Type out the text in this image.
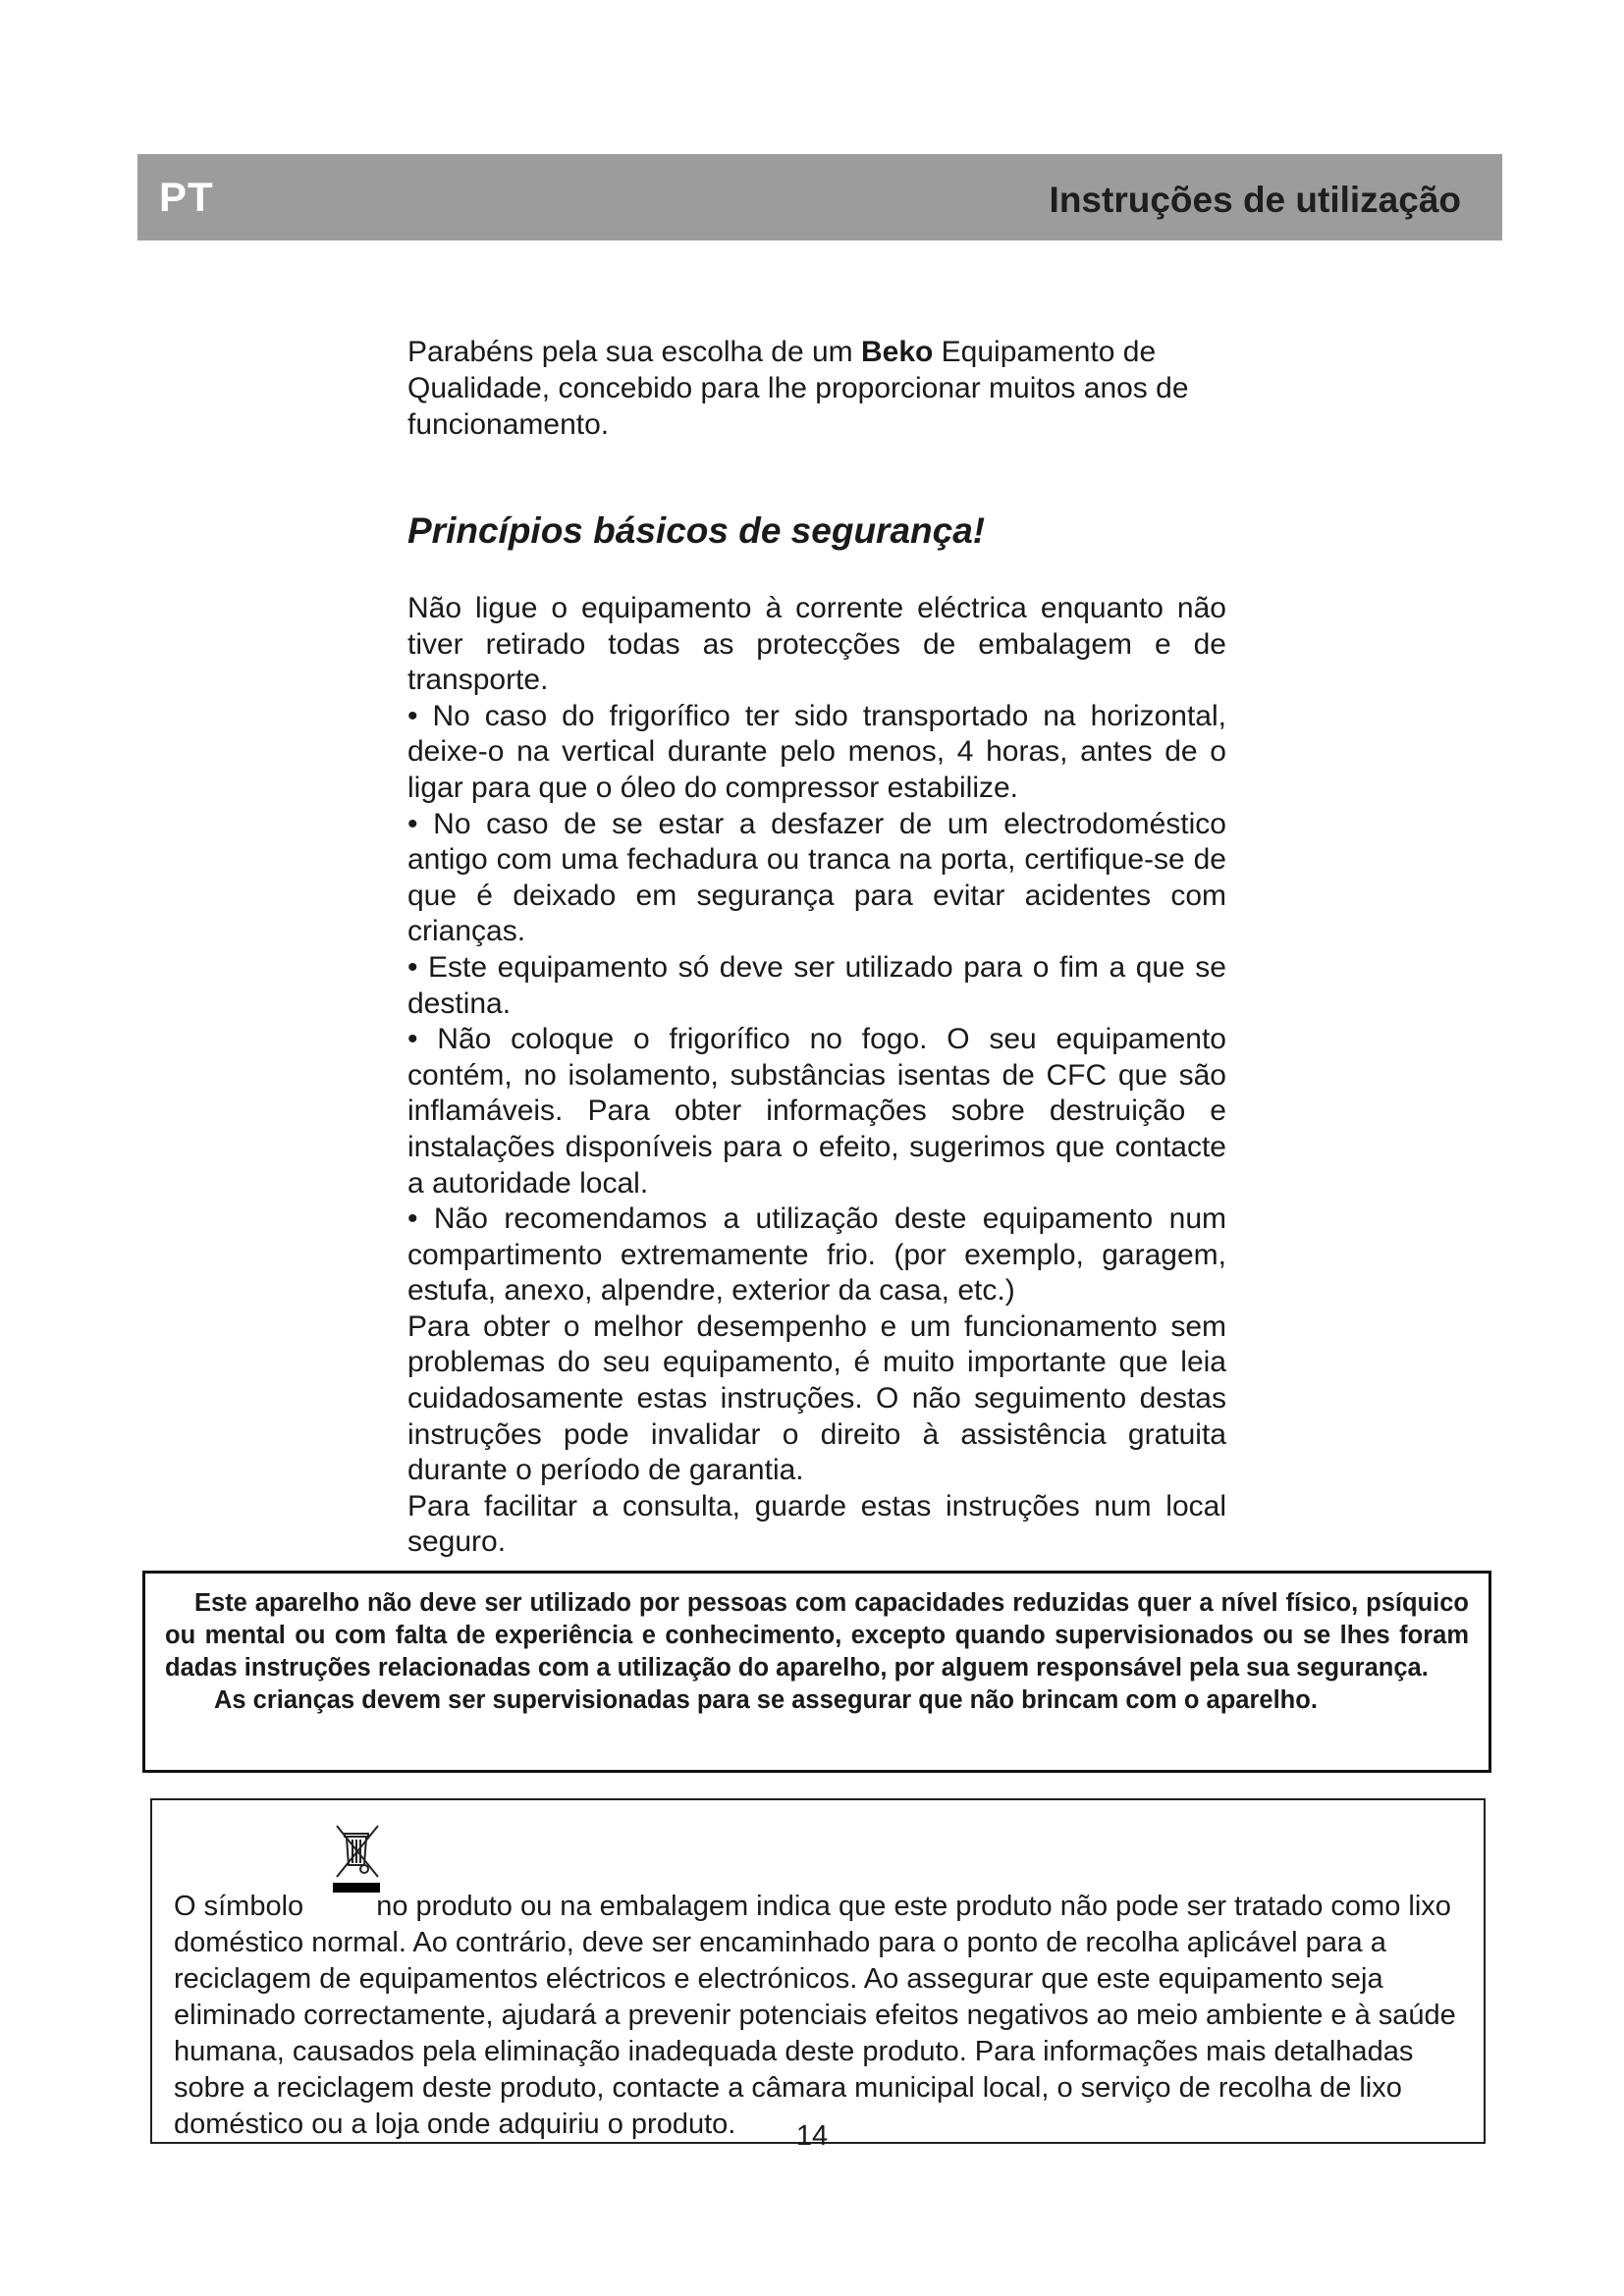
PT	Instruções de utilização

Parabéns pela sua escolha de um Beko Equipamento de Qualidade, concebido para lhe proporcionar muitos anos de funcionamento.

Princípios básicos de segurança!

Não ligue o equipamento à corrente eléctrica enquanto não tiver retirado todas as protecções de embalagem e de transporte.

• No caso do frigorífico ter sido transportado na horizontal, deixe-o na vertical durante pelo menos, 4 horas, antes de o ligar para que o óleo do compressor estabilize.

• No caso de se estar a desfazer de um electrodoméstico antigo com uma fechadura ou tranca na porta, certifique-se de que é deixado em segurança para evitar acidentes com crianças.

• Este equipamento só deve ser utilizado para o fim a que se destina.

• Não coloque o frigorífico no fogo. O seu equipamento contém, no isolamento, substâncias isentas de CFC que são inflamáveis. Para obter informações sobre destruição e instalações disponíveis para o efeito, sugerimos que contacte a autoridade local.

• Não recomendamos a utilização deste equipamento num compartimento extremamente frio. (por exemplo, garagem, estufa, anexo, alpendre, exterior da casa, etc.)

Para obter o melhor desempenho e um funcionamento sem problemas do seu equipamento, é muito importante que leia cuidadosamente estas instruções. O não seguimento destas instruções pode invalidar o direito à assistência gratuita durante o período de garantia.

Para facilitar a consulta, guarde estas instruções num local seguro.

Este aparelho não deve ser utilizado por pessoas com capacidades reduzidas quer a nível físico, psíquico ou mental ou com falta de experiência e conhecimento, excepto quando supervisionados ou se lhes foram dadas instruções relacionadas com a utilização do aparelho, por alguem responsável pela sua segurança.

As crianças devem ser supervisionadas para se assegurar que não brincam com o aparelho.

O símbolo no produto ou na embalagem indica que este produto não pode ser tratado como lixo doméstico normal. Ao contrário, deve ser encaminhado para o ponto de recolha aplicável para a reciclagem de equipamentos eléctricos e electrónicos. Ao assegurar que este equipamento seja eliminado correctamente, ajudará a prevenir potenciais efeitos negativos ao meio ambiente e à saúde humana, causados pela eliminação inadequada deste produto. Para informações mais detalhadas sobre a reciclagem deste produto, contacte a câmara municipal local, o serviço de recolha de lixo doméstico ou a loja onde adquiriu o produto.	14
